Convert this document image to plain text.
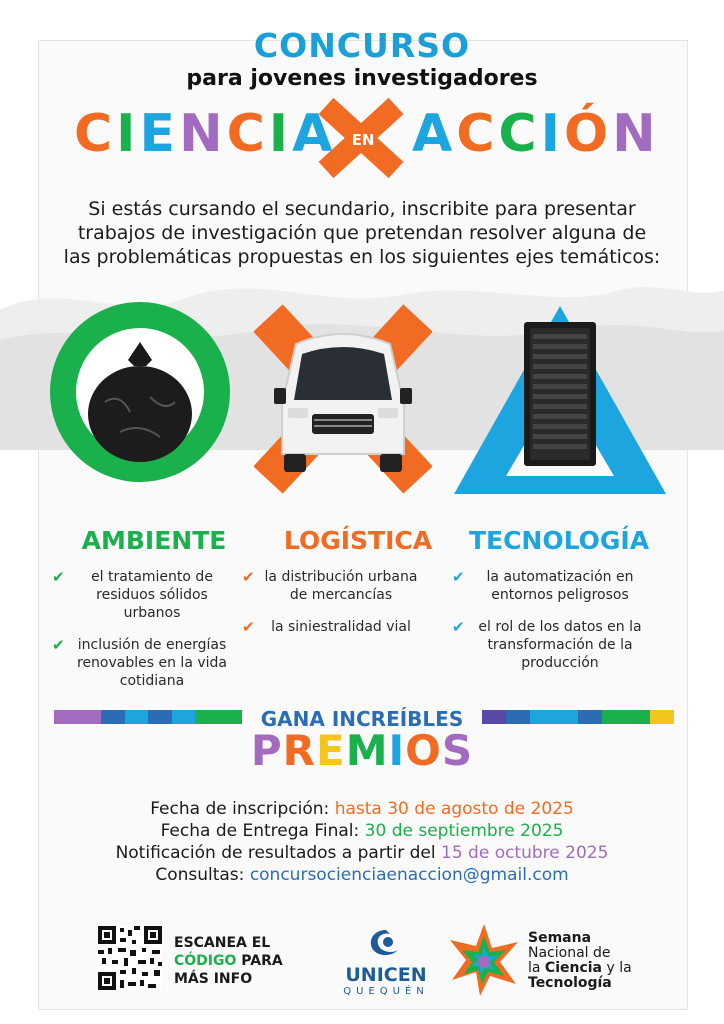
CONCURSO
para jovenes investigadores
CIENCIA	EN ACCIÓN
Si estás cursando el secundario, inscribite para presentar
trabajos de investigación que pretendan resolver alguna de
las problemáticas propuestas en los siguientes ejes temáticos:
AMBIENTE	LOGÍSTICA	TECNOLOGÍA
✔ el tratamiento de residuos sólidos urbanos
✔ inclusión de energías renovables en la vida cotidiana
✔ la distribución urbana de mercancías
✔ la siniestralidad vial
✔ la automatización en entornos peligrosos
✔ el rol de los datos en la transformación de la producción
GANA INCREÍBLES
PREMIOS
Fecha de inscripción: hasta 30 de agosto de 2025
Fecha de Entrega Final: 30 de septiembre 2025
Notificación de resultados a partir del 15 de octubre 2025
Consultas: concursocienciaenaccion@gmail.com
ESCANEA EL
CÓDIGO PARA
MÁS INFO	UNICEN
QUEQUÉN
Semana
Nacional de
la Ciencia y la
Tecnología
